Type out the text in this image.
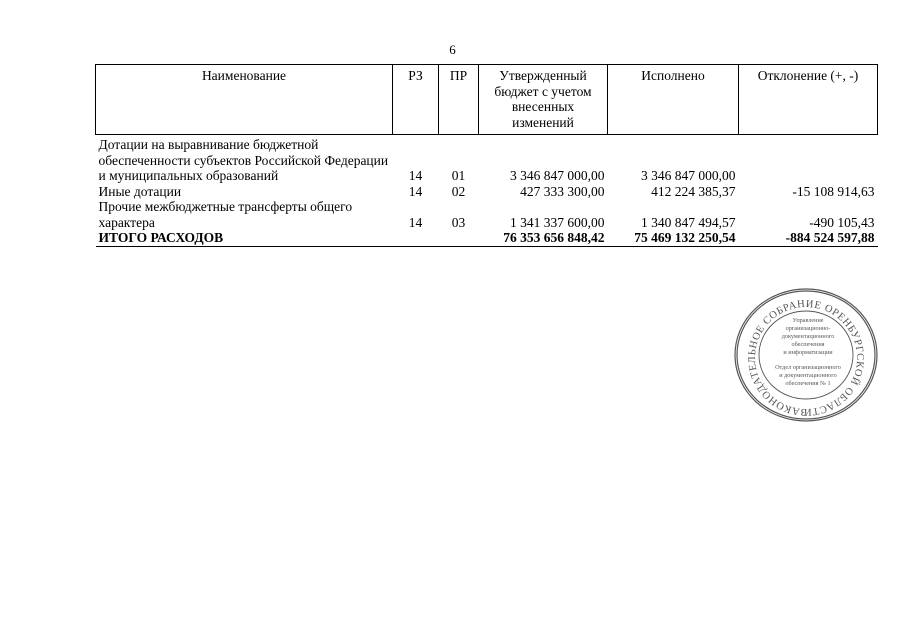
6
Наименование	РЗ	ПР	Утвержденный бюджет с учетом внесенных изменений	Исполнено	Отклонение (+, -)
Дотации на выравнивание бюджетной обеспеченности субъектов Российской Федерации и муниципальных образований	14	01	3 346 847 000,00	3 346 847 000,00	
Иные дотации	14	02	427 333 300,00	412 224 385,37	-15 108 914,63
Прочие межбюджетные трансферты общего характера	14	03	1 341 337 600,00	1 340 847 494,57	-490 105,43
ИТОГО РАСХОДОВ			76 353 656 848,42	75 469 132 250,54	-884 524 597,88
ЗАКОНОДАТЕЛЬНОЕ СОБРАНИЕ ОРЕНБУРГСКОЙ ОБЛАСТИ
Управление
организационно-
документационного
обеспечения
и информатизации
Отдел организационного
и документационного
обеспечения № 1
